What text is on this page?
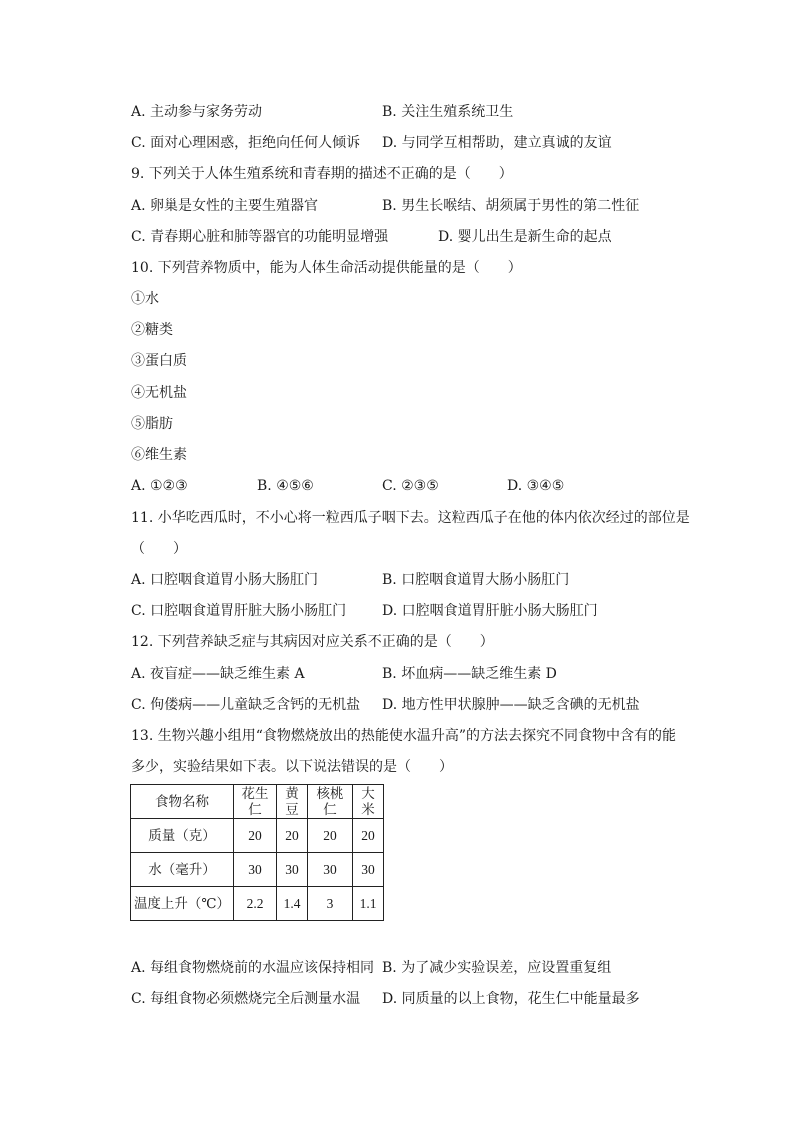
A. 主动参与家务劳动	B. 关注生殖系统卫生
C. 面对心理困惑，拒绝向任何人倾诉 D. 与同学互相帮助，建立真诚的友谊
9. 下列关于人体生殖系统和青春期的描述不正确的是（　　）
A. 卵巢是女性的主要生殖器官	B. 男生长喉结、胡须属于男性的第二性征
C. 青春期心脏和肺等器官的功能明显增强	D. 婴儿出生是新生命的起点
10. 下列营养物质中，能为人体生命活动提供能量的是（　　）
①水
②糖类
③蛋白质
④无机盐
⑤脂肪
⑥维生素
A. ①②③	B. ④⑤⑥	C. ②③⑤	D. ③④⑤
11. 小华吃西瓜时，不小心将一粒西瓜子咽下去。这粒西瓜子在他的体内依次经过的部位是
（　　）
A. 口腔咽食道胃小肠大肠肛门	B. 口腔咽食道胃大肠小肠肛门
C. 口腔咽食道胃肝脏大肠小肠肛门	D. 口腔咽食道胃肝脏小肠大肠肛门
12. 下列营养缺乏症与其病因对应关系不正确的是（　　）
A. 夜盲症——缺乏维生素 A	B. 坏血病——缺乏维生素 D
C. 佝偻病——儿童缺乏含钙的无机盐 D. 地方性甲状腺肿——缺乏含碘的无机盐
13. 生物兴趣小组用“食物燃烧放出的热能使水温升高”的方法去探究不同食物中含有的能
多少，实验结果如下表。以下说法错误的是（　　）
食物名称	花生仁	黄豆	核桃仁	大米
质量（克）	20	20	20	20
水（毫升）	30	30	30	30
温度上升（℃）	2.2	1.4	3	1.1
A. 每组食物燃烧前的水温应该保持相同 B. 为了减少实验误差，应设置重复组
C. 每组食物必须燃烧完全后测量水温 D. 同质量的以上食物，花生仁中能量最多
